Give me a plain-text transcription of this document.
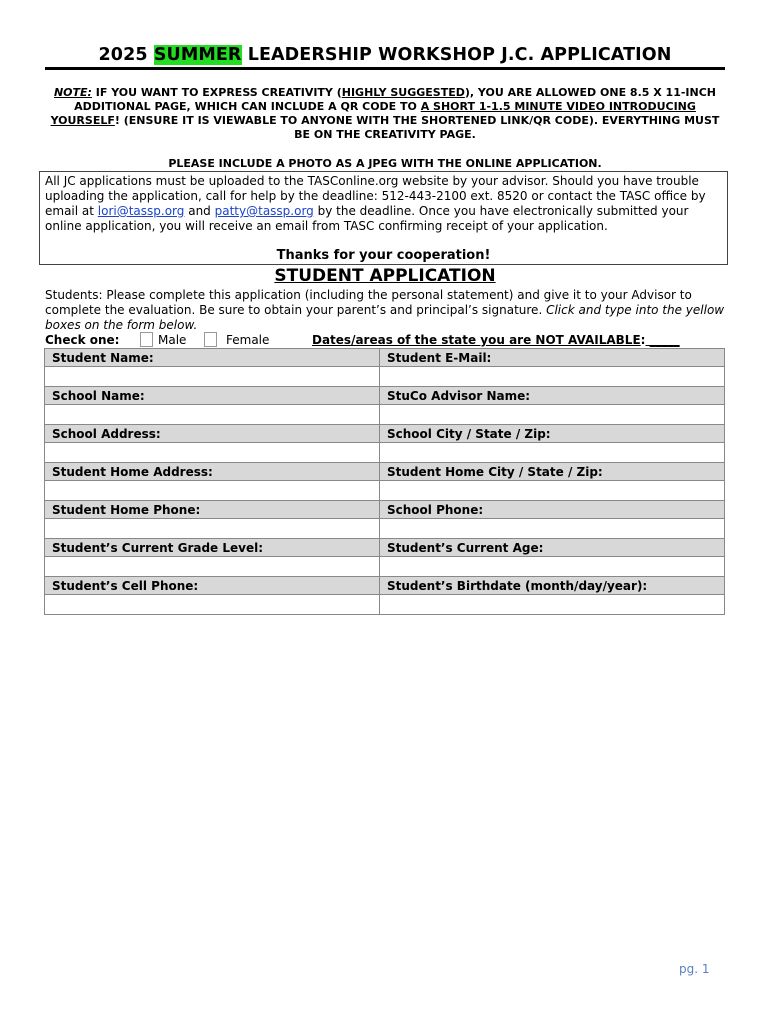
2025 SUMMER LEADERSHIP WORKSHOP J.C. APPLICATION
NOTE: IF YOU WANT TO EXPRESS CREATIVITY (HIGHLY SUGGESTED), YOU ARE ALLOWED ONE 8.5 X 11-INCH ADDITIONAL PAGE, WHICH CAN INCLUDE A QR CODE TO A SHORT 1-1.5 MINUTE VIDEO INTRODUCING YOURSELF! (ENSURE IT IS VIEWABLE TO ANYONE WITH THE SHORTENED LINK/QR CODE). EVERYTHING MUST BE ON THE CREATIVITY PAGE.
PLEASE INCLUDE A PHOTO AS A JPEG WITH THE ONLINE APPLICATION.
All JC applications must be uploaded to the TASConline.org website by your advisor. Should you have trouble uploading the application, call for help by the deadline: 512-443-2100 ext. 8520 or contact the TASC office by email at lori@tassp.org and patty@tassp.org by the deadline. Once you have electronically submitted your online application, you will receive an email from TASC confirming receipt of your application.
Thanks for your cooperation!
STUDENT APPLICATION
Students: Please complete this application (including the personal statement) and give it to your Advisor to complete the evaluation. Be sure to obtain your parent’s and principal’s signature. Click and type into the yellow boxes on the form below.
Check one:	Male	Female	Dates/areas of the state you are NOT AVAILABLE: _____
Student Name:	Student E-Mail:

School Name:	StuCo Advisor Name:

School Address:	School City / State / Zip:

Student Home Address:	Student Home City / State / Zip:

Student Home Phone:	School Phone:

Student’s Current Grade Level:	Student’s Current Age:

Student’s Cell Phone:	Student’s Birthdate (month/day/year):

pg. 1
